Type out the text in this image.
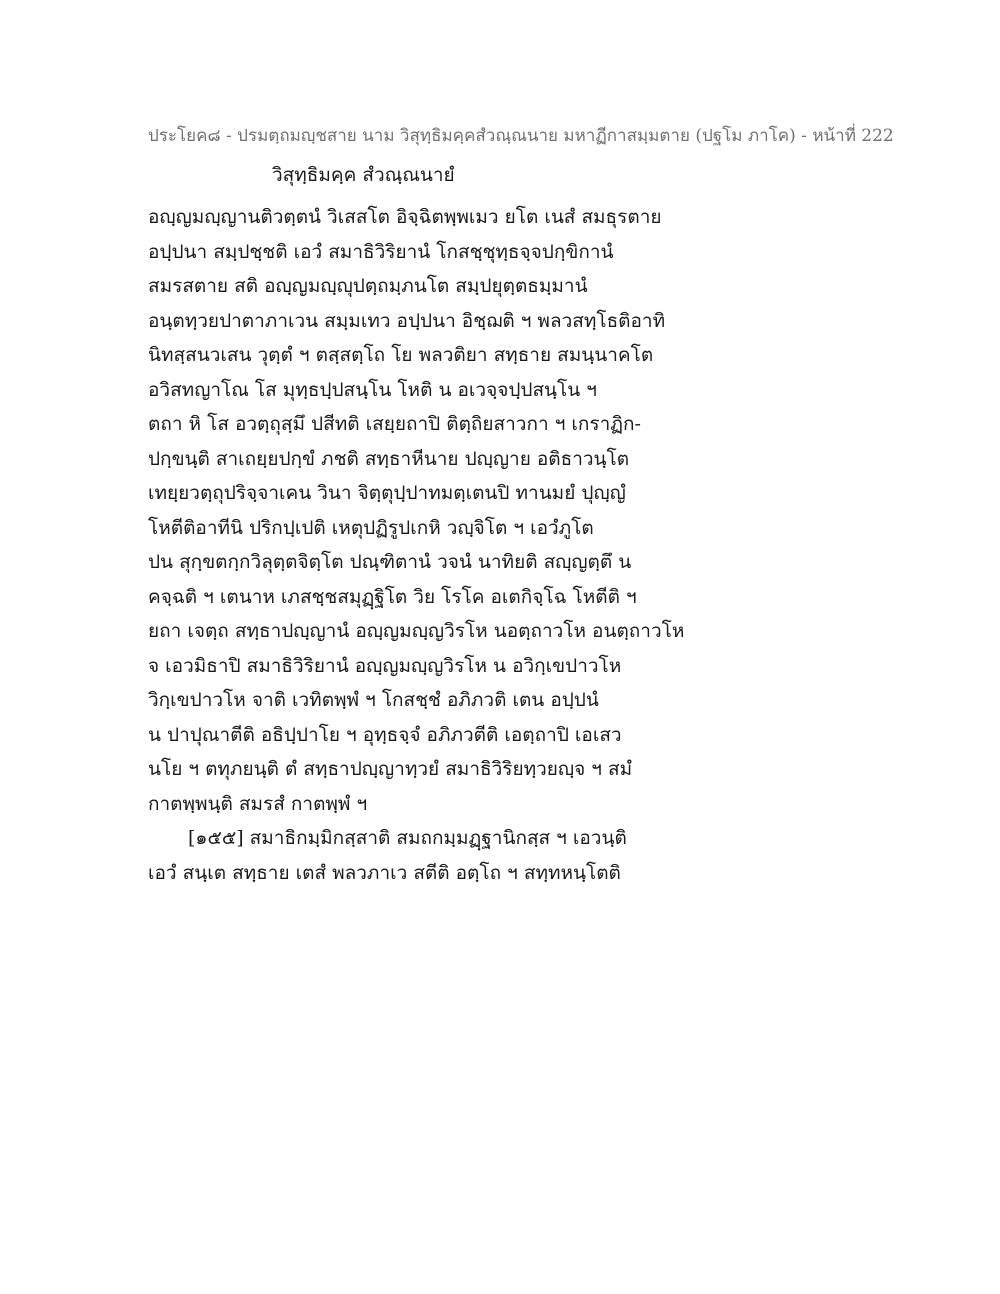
ประโยค๘ - ปรมตฺถมญฺชสาย นาม วิสุทฺธิมคฺคสํวณฺณนาย มหาฏีกาสมฺมตาย (ปฐโม ภาโค) - หน้าที่ 222
วิสุทฺธิมคฺค สํวณฺณนายํ
อญฺญมญฺญานติวตฺตนํ วิเสสโต อิจฺฉิตพฺพเมว ยโต เนสํ สมธุรตาย
อปฺปนา สมฺปชฺชติ เอวํ สมาธิวิริยานํ โกสชฺชุทฺธจฺจปกฺขิกานํ
สมรสตาย สติ อญฺญมญฺญุปตฺถมฺภนโต สมฺปยุตฺตธมฺมานํ
อนฺตทฺวยปาตาภาเวน สมฺมเทว อปฺปนา อิชฺฌติ ฯ พลวสทฺโธติอาทิ
นิทสฺสนวเสน วุตฺตํ ฯ ตสฺสตฺโถ โย พลวติยา สทฺธาย สมนฺนาคโต
อวิสทญาโณ โส มุทฺธปฺปสนฺโน โหติ น อเวจฺจปฺปสนฺโน ฯ
ตถา หิ โส อวตฺถุสฺมึ ปสีทติ เสยฺยถาปิ ติตฺถิยสาวกา ฯ เกราฏิก-
ปกฺขนฺติ สาเถยฺยปกฺขํ ภชติ สทฺธาหีนาย ปญฺญาย อติธาวนฺโต
เทยฺยวตฺถุปริจฺจาเคน วินา จิตฺตุปฺปาทมตฺเตนปิ ทานมยํ ปุญฺญํ
โหตีติอาทีนิ ปริกปฺเปติ เหตุปฏิรูปเกหิ วญฺจิโต ฯ เอวํภูโต
ปน สุกฺขตกฺกวิลุตฺตจิตฺโต ปณฺฑิตานํ วจนํ นาทิยติ สญฺญตฺตึ น
คจฺฉติ ฯ เตนาห เภสชฺชสมุฏฺฐิโต วิย โรโค อเตกิจฺโฉ โหตีติ ฯ
ยถา เจตฺถ สทฺธาปญฺญานํ อญฺญมญฺญวิรโห นอตฺถาวโห อนตฺถาวโห
จ เอวมิธาปิ สมาธิวิริยานํ อญฺญมญฺญวิรโห น อวิกฺเขปาวโห
วิกฺเขปาวโห จาติ เวทิตพฺพํ ฯ โกสชฺชํ อภิภวติ เตน อปฺปนํ
น ปาปุณาตีติ อธิปฺปาโย ฯ อุทฺธจฺจํ อภิภวตีติ เอตฺถาปิ เอเสว
นโย ฯ ตทุภยนฺติ ตํ สทฺธาปญฺญาทฺวยํ สมาธิวิริยทฺวยญฺจ ฯ สมํ
กาตพฺพนฺติ สมรสํ กาตพฺพํ ฯ
[๑๕๕] สมาธิกมฺมิกสฺสาติ สมถกมฺมฏฺฐานิกสฺส ฯ เอวนฺติ
เอวํ สนฺเต สทฺธาย เตสํ พลวภาเว สตีติ อตฺโถ ฯ สทฺทหนฺโตติ
